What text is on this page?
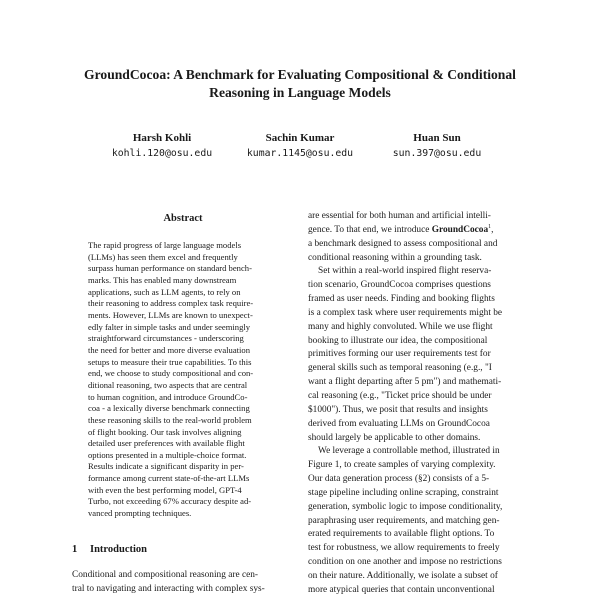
GroundCocoa: A Benchmark for Evaluating Compositional & Conditional
Reasoning in Language Models
Harsh Kohli
kohli.120@osu.edu
Sachin Kumar
kumar.1145@osu.edu
Huan Sun
sun.397@osu.edu
Abstract
The rapid progress of large language models
(LLMs) has seen them excel and frequently
surpass human performance on standard bench-
marks. This has enabled many downstream
applications, such as LLM agents, to rely on
their reasoning to address complex task require-
ments. However, LLMs are known to unexpect-
edly falter in simple tasks and under seemingly
straightforward circumstances - underscoring
the need for better and more diverse evaluation
setups to measure their true capabilities. To this
end, we choose to study compositional and con-
ditional reasoning, two aspects that are central
to human cognition, and introduce GroundCo-
coa - a lexically diverse benchmark connecting
these reasoning skills to the real-world problem
of flight booking. Our task involves aligning
detailed user preferences with available flight
options presented in a multiple-choice format.
Results indicate a significant disparity in per-
formance among current state-of-the-art LLMs
with even the best performing model, GPT-4
Turbo, not exceeding 67% accuracy despite ad-
vanced prompting techniques.
1 Introduction
Conditional and compositional reasoning are cen-
tral to navigating and interacting with complex sys-
are essential for both human and artificial intelli-
gence. To that end, we introduce GroundCocoa$^1$,
a benchmark designed to assess compositional and
conditional reasoning within a grounding task.
Set within a real-world inspired flight reserva-
tion scenario, GroundCocoa comprises questions
framed as user needs. Finding and booking flights
is a complex task where user requirements might be
many and highly convoluted. While we use flight
booking to illustrate our idea, the compositional
primitives forming our user requirements test for
general skills such as temporal reasoning (e.g., "I
want a flight departing after 5 pm") and mathemati-
cal reasoning (e.g., "Ticket price should be under
$1000"). Thus, we posit that results and insights
derived from evaluating LLMs on GroundCocoa
should largely be applicable to other domains.
We leverage a controllable method, illustrated in
Figure 1, to create samples of varying complexity.
Our data generation process (§2) consists of a 5-
stage pipeline including online scraping, constraint
generation, symbolic logic to impose conditionality,
paraphrasing user requirements, and matching gen-
erated requirements to available flight options. To
test for robustness, we allow requirements to freely
condition on one another and impose no restrictions
on their nature. Additionally, we isolate a subset of
more atypical queries that contain unconventional
